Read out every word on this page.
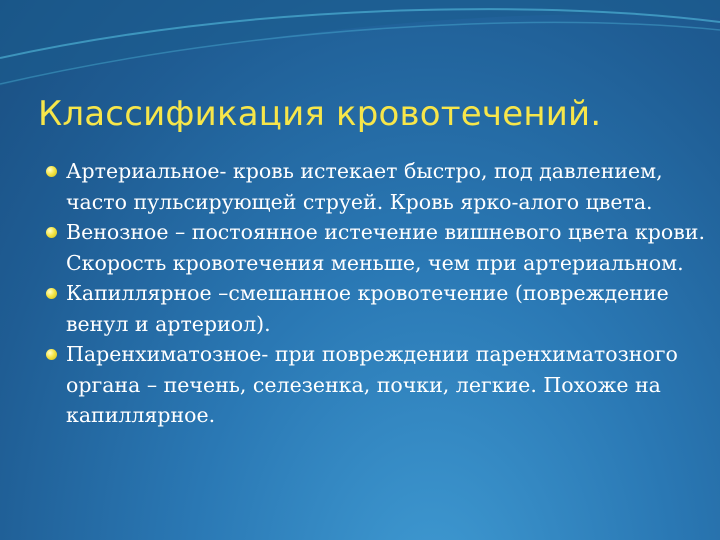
Классификация кровотечений.
Артериальное- кровь истекает быстро, под давлением, часто пульсирующей струей. Кровь ярко-алого цвета.
Венозное – постоянное истечение вишневого цвета крови. Скорость кровотечения меньше, чем при артериальном.
Капиллярное –смешанное кровотечение (повреждение венул и артериол).
Паренхиматозное- при повреждении паренхиматозного органа – печень, селезенка, почки, легкие. Похоже на капиллярное.
